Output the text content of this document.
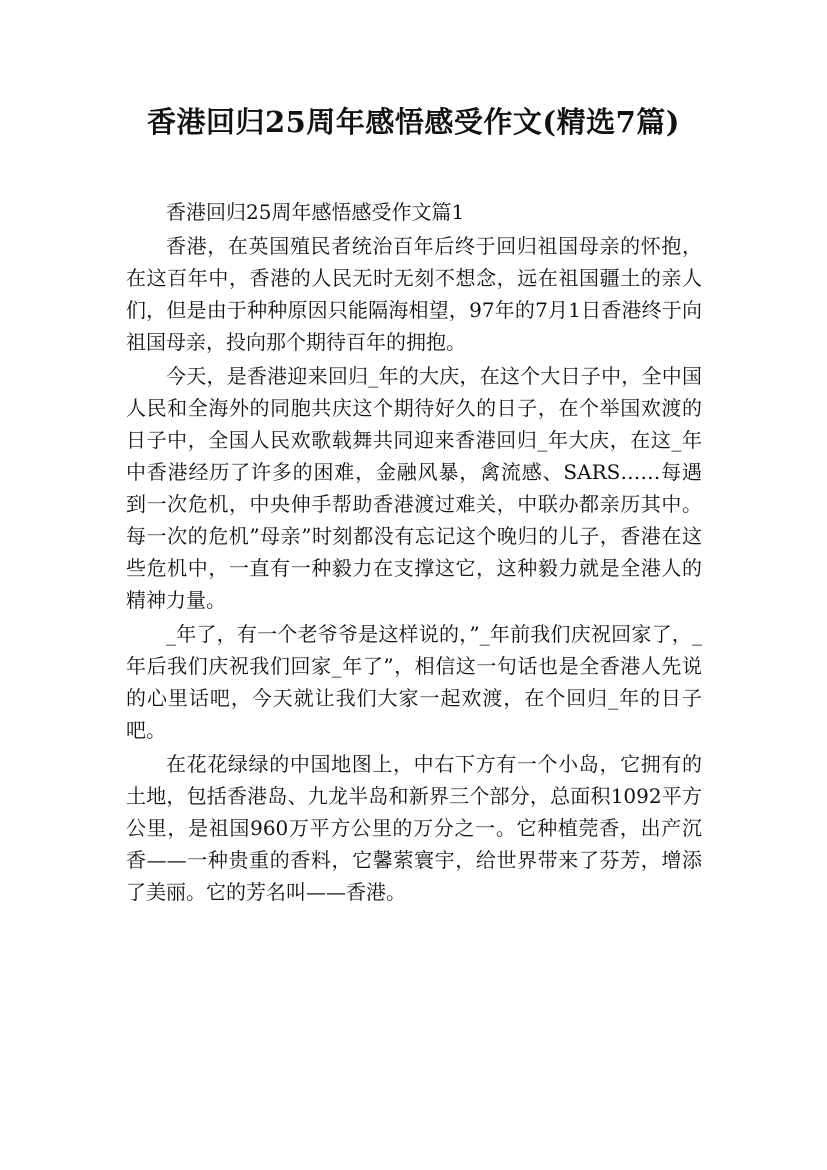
香港回归25周年感悟感受作文(精选7篇)

香港回归25周年感悟感受作文篇1

香港，在英国殖民者统治百年后终于回归祖国母亲的怀抱，在这百年中，香港的人民无时无刻不想念，远在祖国疆土的亲人们，但是由于种种原因只能隔海相望，97年的7月1日香港终于向祖国母亲，投向那个期待百年的拥抱。

今天，是香港迎来回归_年的大庆，在这个大日子中，全中国人民和全海外的同胞共庆这个期待好久的日子，在个举国欢渡的日子中，全国人民欢歌载舞共同迎来香港回归_年大庆，在这_年中香港经历了许多的困难，金融风暴，禽流感、SARS……每遇到一次危机，中央伸手帮助香港渡过难关，中联办都亲历其中。每一次的危机”母亲”时刻都没有忘记这个晚归的儿子，香港在这些危机中，一直有一种毅力在支撑这它，这种毅力就是全港人的精神力量。

_年了，有一个老爷爷是这样说的，”_年前我们庆祝回家了，_年后我们庆祝我们回家_年了”，相信这一句话也是全香港人先说的心里话吧，今天就让我们大家一起欢渡，在个回归_年的日子吧。

在花花绿绿的中国地图上，中右下方有一个小岛，它拥有的土地，包括香港岛、九龙半岛和新界三个部分，总面积1092平方公里，是祖国960万平方公里的万分之一。它种植莞香，出产沉香——一种贵重的香料，它馨萦寰宇，给世界带来了芬芳，增添了美丽。它的芳名叫——香港。
